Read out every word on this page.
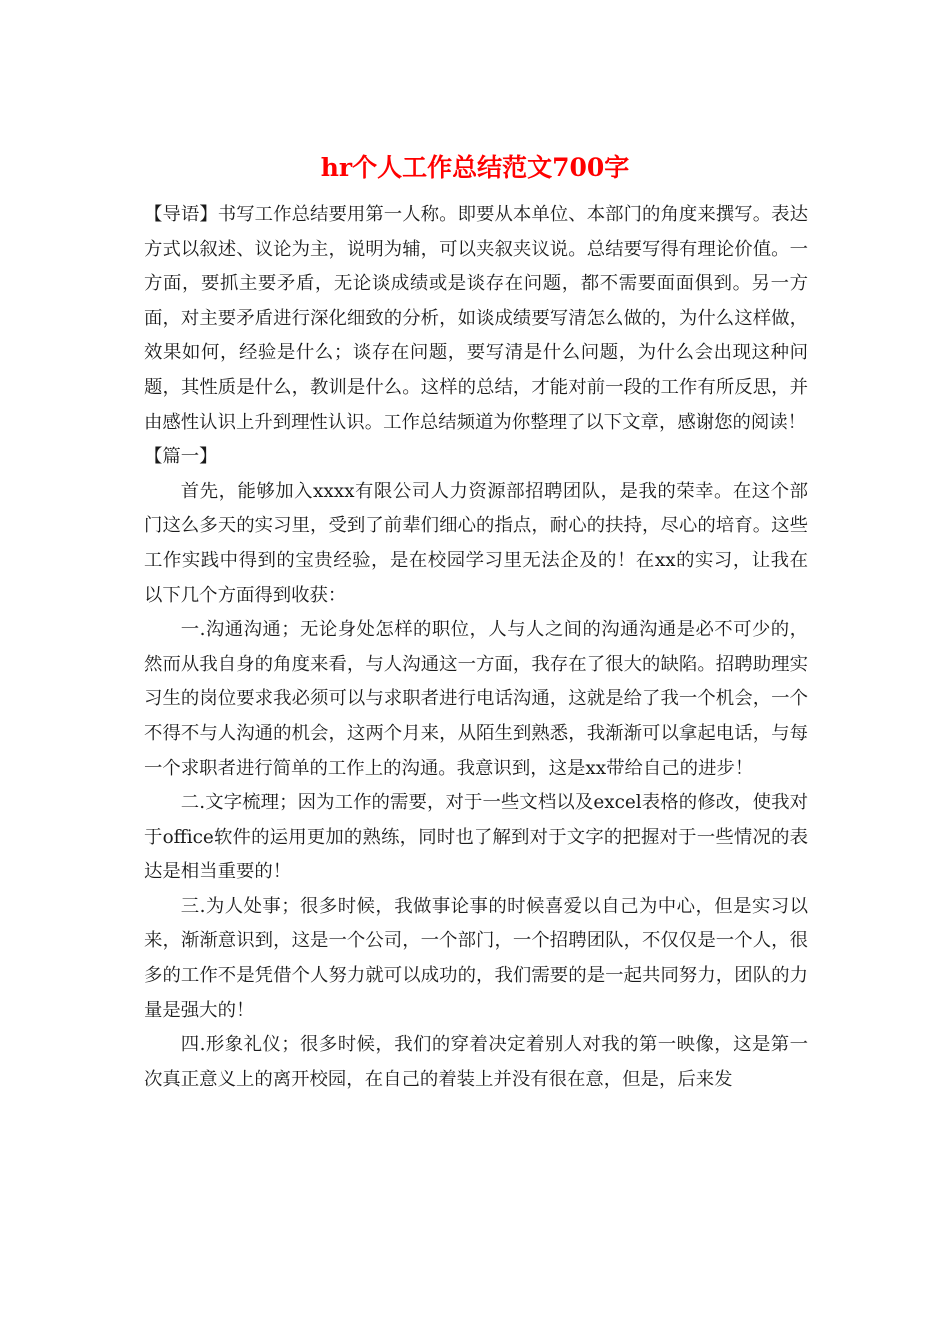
hr个人工作总结范文700字

【导语】书写工作总结要用第一人称。即要从本单位、本部门的角度来撰写。表达方式以叙述、议论为主，说明为辅，可以夹叙夹议说。总结要写得有理论价值。一方面，要抓主要矛盾，无论谈成绩或是谈存在问题，都不需要面面俱到。另一方面，对主要矛盾进行深化细致的分析，如谈成绩要写清怎么做的，为什么这样做，效果如何，经验是什么；谈存在问题，要写清是什么问题，为什么会出现这种问题，其性质是什么，教训是什么。这样的总结，才能对前一段的工作有所反思，并由感性认识上升到理性认识。工作总结频道为你整理了以下文章，感谢您的阅读！

【篇一】

首先，能够加入xxxx有限公司人力资源部招聘团队，是我的荣幸。在这个部门这么多天的实习里，受到了前辈们细心的指点，耐心的扶持，尽心的培育。这些工作实践中得到的宝贵经验，是在校园学习里无法企及的！在xx的实习，让我在以下几个方面得到收获：

一.沟通沟通；无论身处怎样的职位，人与人之间的沟通沟通是必不可少的，然而从我自身的角度来看，与人沟通这一方面，我存在了很大的缺陷。招聘助理实习生的岗位要求我必须可以与求职者进行电话沟通，这就是给了我一个机会，一个不得不与人沟通的机会，这两个月来，从陌生到熟悉，我渐渐可以拿起电话，与每一个求职者进行简单的工作上的沟通。我意识到，这是xx带给自己的进步！

二.文字梳理；因为工作的需要，对于一些文档以及excel表格的修改，使我对于office软件的运用更加的熟练，同时也了解到对于文字的把握对于一些情况的表达是相当重要的！

三.为人处事；很多时候，我做事论事的时候喜爱以自己为中心，但是实习以来，渐渐意识到，这是一个公司，一个部门，一个招聘团队，不仅仅是一个人，很多的工作不是凭借个人努力就可以成功的，我们需要的是一起共同努力，团队的力量是强大的！

四.形象礼仪；很多时候，我们的穿着决定着别人对我的第一映像，这是第一次真正意义上的离开校园，在自己的着装上并没有很在意，但是，后来发
